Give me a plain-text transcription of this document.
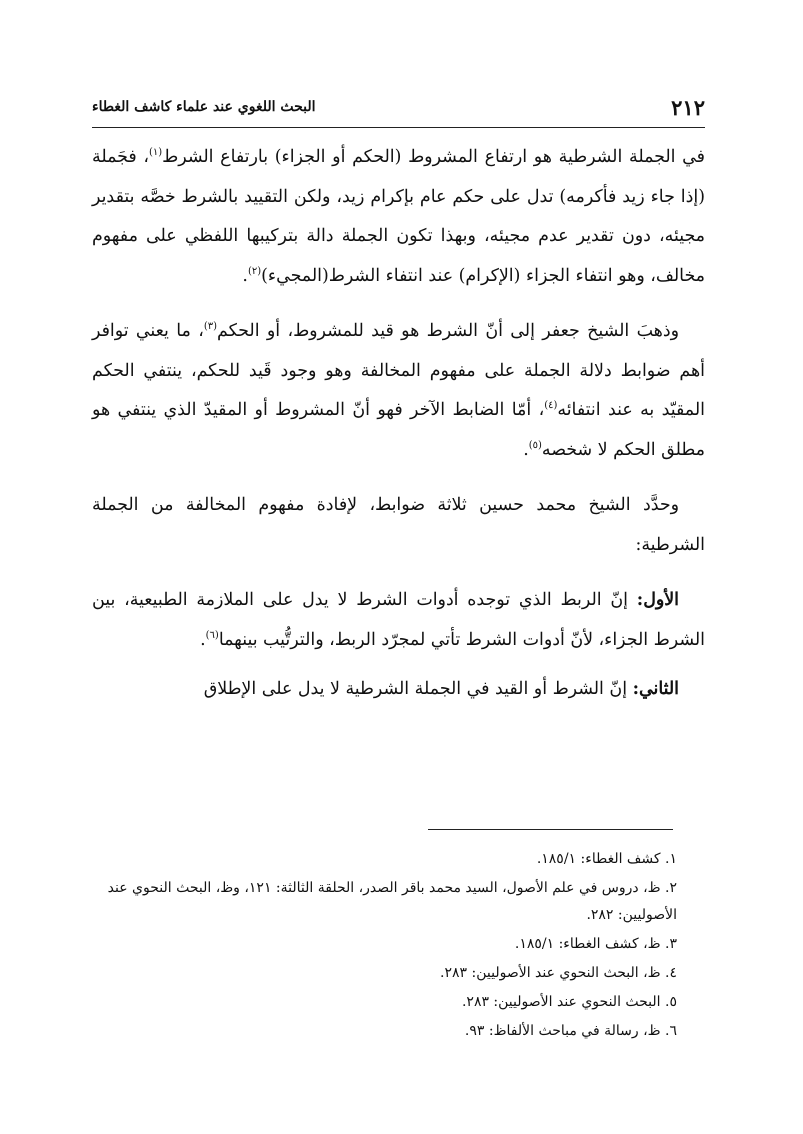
٢١٢
البحث اللغوي عند علماء كاشف الغطاء

في الجملة الشرطية هو ارتفاع المشروط (الحكم أو الجزاء) بارتفاع الشرط$^{(١)}$، فجَملة (إذا جاء زيد فأكرمه) تدل على حكم عام بإكرام زيد، ولكن التقييد بالشرط خصَّه بتقدير مجيئه، دون تقدير عدم مجيئه، وبهذا تكون الجملة دالة بتركيبها اللفظي على مفهوم مخالف، وهو انتفاء الجزاء (الإكرام) عند انتفاء الشرط(المجيء)$^{(٢)}$.

وذهبَ الشيخ جعفر إلى أنّ الشرط هو قيد للمشروط، أو الحكم$^{(٣)}$، ما يعني توافر أهم ضوابط دلالة الجملة على مفهوم المخالفة وهو وجود قَيد للحكم، ينتفي الحكم المقيّد به عند انتفائه$^{(٤)}$، أمّا الضابط الآخر فهو أنّ المشروط أو المقيدّ الذي ينتفي هو مطلق الحكم لا شخصه$^{(٥)}$.

وحدَّد الشيخ محمد حسين ثلاثة ضوابط، لإفادة مفهوم المخالفة من الجملة الشرطية:

الأول: إنّ الربط الذي توجده أدوات الشرط لا يدل على الملازمة الطبيعية، بين الشرط الجزاء، لأنّ أدوات الشرط تأتي لمجرّد الربط، والترتُّيب بينهما$^{(٦)}$.

الثاني: إنّ الشرط أو القيد في الجملة الشرطية لا يدل على الإطلاق

١. كشف الغطاء: ١٨٥/١.
٢. ظ، دروس في علم الأصول، السيد محمد باقر الصدر، الحلقة الثالثة: ١٢١، وظ، البحث النحوي عند الأصوليين: ٢٨٢.
٣. ظ، كشف الغطاء: ١٨٥/١.
٤. ظ، البحث النحوي عند الأصوليين: ٢٨٣.
٥. البحث النحوي عند الأصوليين: ٢٨٣.
٦. ظ، رسالة في مباحث الألفاظ: ٩٣.
